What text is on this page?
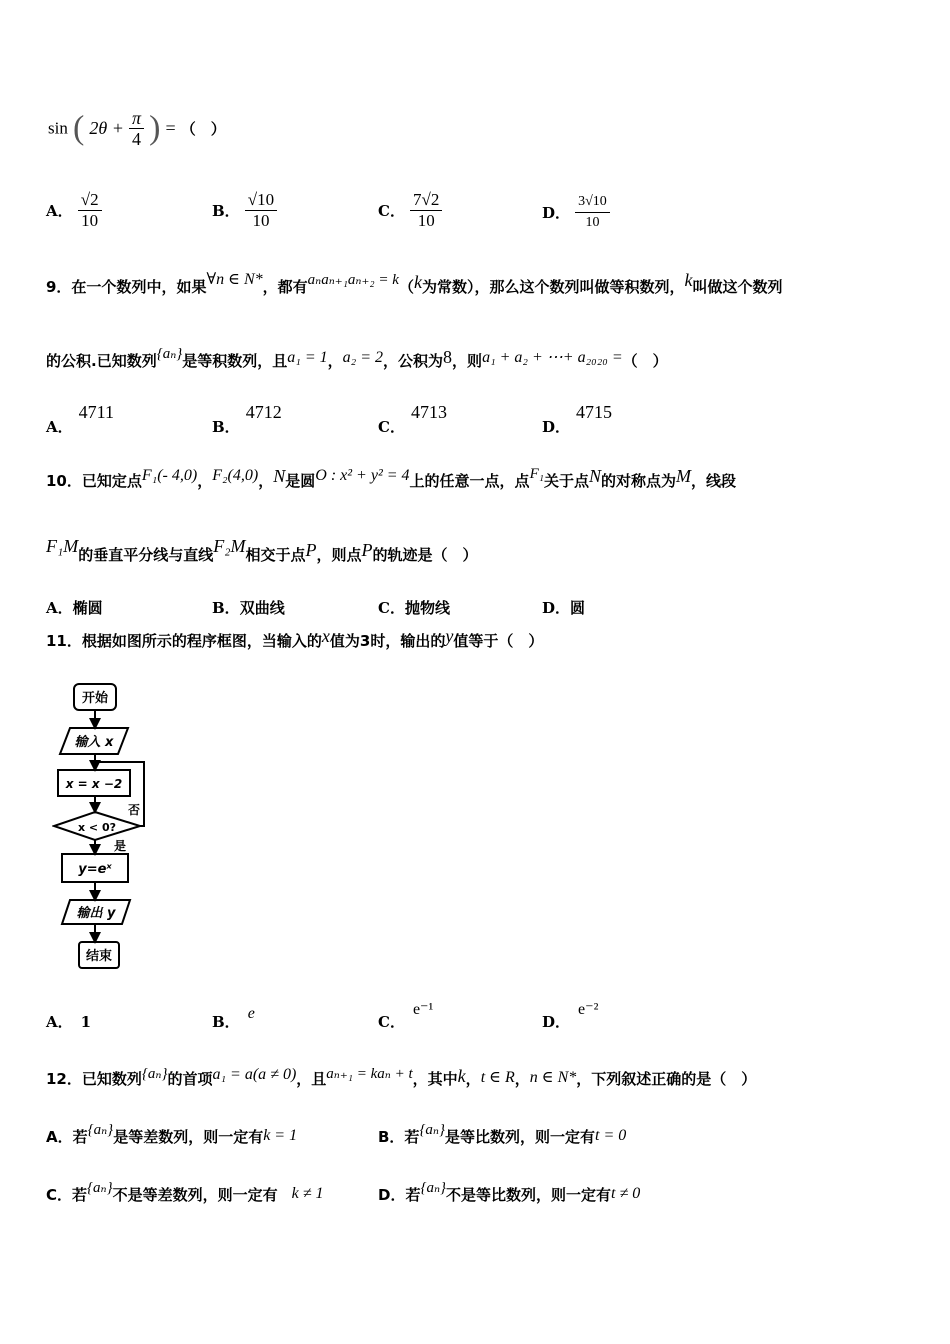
sin ( $2\theta + \frac{\pi}{4}$ ) = （　）
A． $\frac{√2}{10}$	B． $\frac{√10}{10}$	C． $\frac{7√2}{10}$	D． $\frac{3√10}{10}$
9．在一个数列中，如果∀n ∈ N*，都有aₙaₙ₊₁aₙ₊₂ = k（k为常数），那么这个数列叫做等积数列，k叫做这个数列
的公积.已知数列{aₙ}是等积数列，且a₁ = 1，a₂ = 2，公积为8，则a₁ + a₂ + ⋯+ a₂₀₂₀ =（　）
A．4711
B．4712
C．4713
D．4715
10．已知定点F₁(- 4,0)，F₂(4,0)，N是圆O : x² + y² = 4上的任意一点，点F₁关于点N的对称点为M，线段
F₁M的垂直平分线与直线F₂M相交于点P，则点P的轨迹是（　）
A．椭圆	B．双曲线	C．抛物线	D．圆
11．根据如图所示的程序框图，当输入的x值为3时，输出的y值等于（　）
开始
输入 x
x = x −2
x < 0?
否
是
y=eˣ
输出 y
结束
A． 1	B． e	C．e⁻¹
D．e⁻²
12．已知数列{aₙ}的首项a₁ = a(a ≠ 0)，且aₙ₊₁ = kaₙ + t，其中k，t ∈ R，n ∈ N*，下列叙述正确的是（　）
A．若{aₙ}是等差数列，则一定有k = 1	B．若{aₙ}是等比数列，则一定有t = 0
C．若{aₙ}不是等差数列，则一定有 k ≠ 1	D．若{aₙ}不是等比数列，则一定有t ≠ 0
